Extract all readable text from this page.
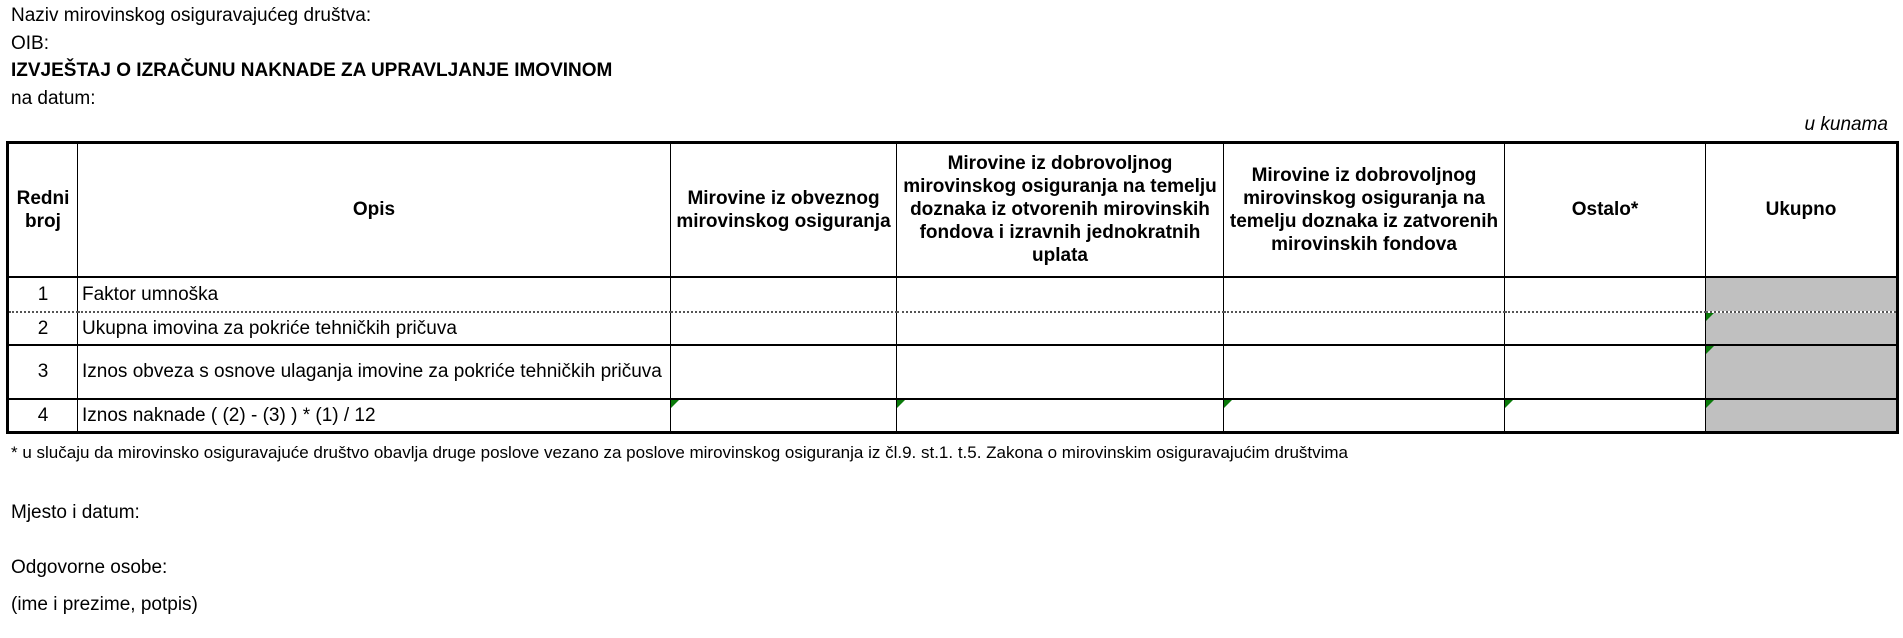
Naziv mirovinskog osiguravajućeg društva:
OIB:
IZVJEŠTAJ O IZRAČUNU NAKNADE ZA UPRAVLJANJE IMOVINOM
na datum:
u kunama
Redni broj	Opis	Mirovine iz obveznog mirovinskog osiguranja	Mirovine iz dobrovoljnog mirovinskog osiguranja na temelju doznaka iz otvorenih mirovinskih fondova i izravnih jednokratnih uplata	Mirovine iz dobrovoljnog mirovinskog osiguranja na temelju doznaka iz zatvorenih mirovinskih fondova	Ostalo*	Ukupno
1	Faktor umnoška					
2	Ukupna imovina za pokriće tehničkih pričuva					

3	Iznos obveza s osnove ulaganja imovine za pokriće tehničkih pričuva					

4	Iznos naknade ( (2) - (3) ) * (1) / 12	

* u slučaju da mirovinsko osiguravajuće društvo obavlja druge poslove vezano za poslove mirovinskog osiguranja iz čl.9. st.1. t.5. Zakona o mirovinskim osiguravajućim društvima
Mjesto i datum:
Odgovorne osobe:
(ime i prezime, potpis)
